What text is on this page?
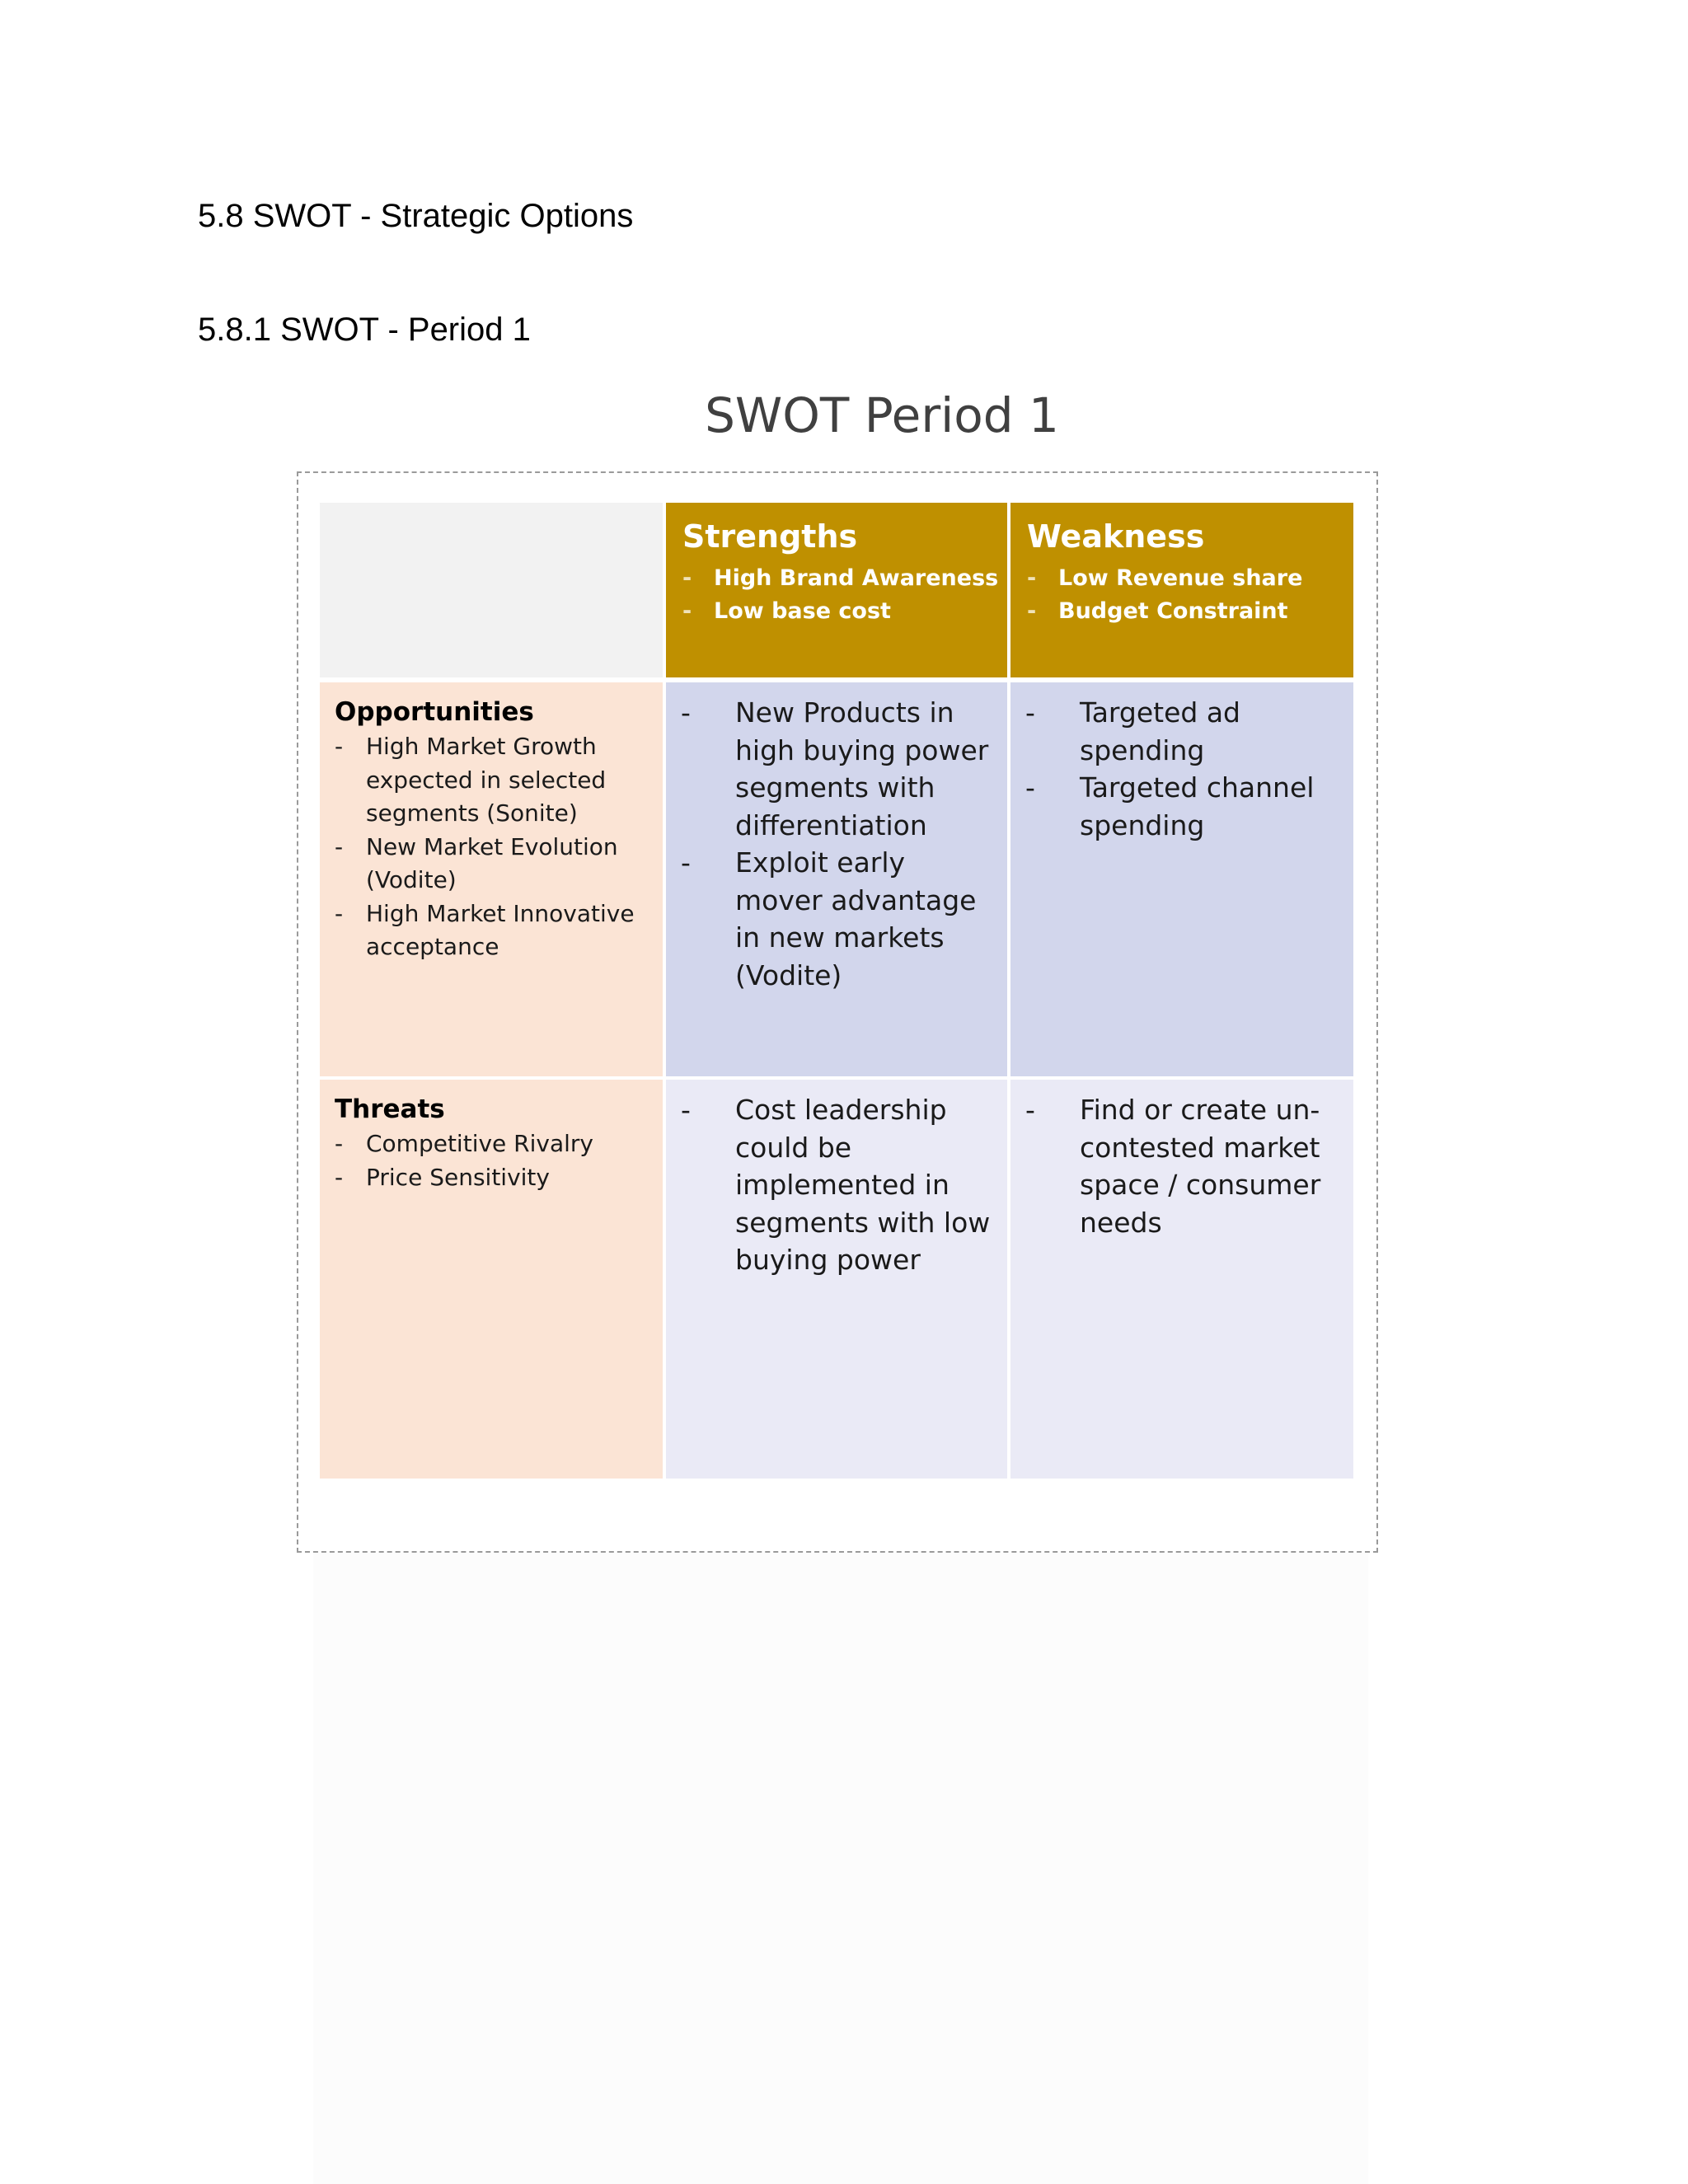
5.8 SWOT - Strategic Options
5.8.1 SWOT - Period 1
SWOT Period 1
Strengths
- High Brand Awareness
- Low base cost
Weakness
- Low Revenue share
- Budget Constraint
Opportunities
- High Market Growth expected in selected segments (Sonite)
- New Market Evolution (Vodite)
- High Market Innovative acceptance
- New Products in high buying power segments with differentiation
- Exploit early mover advantage in new markets (Vodite)
- Targeted ad spending
- Targeted channel spending
Threats
- Competitive Rivalry
- Price Sensitivity
- Cost leadership could be implemented in segments with low buying power
- Find or create un-contested market space / consumer needs
